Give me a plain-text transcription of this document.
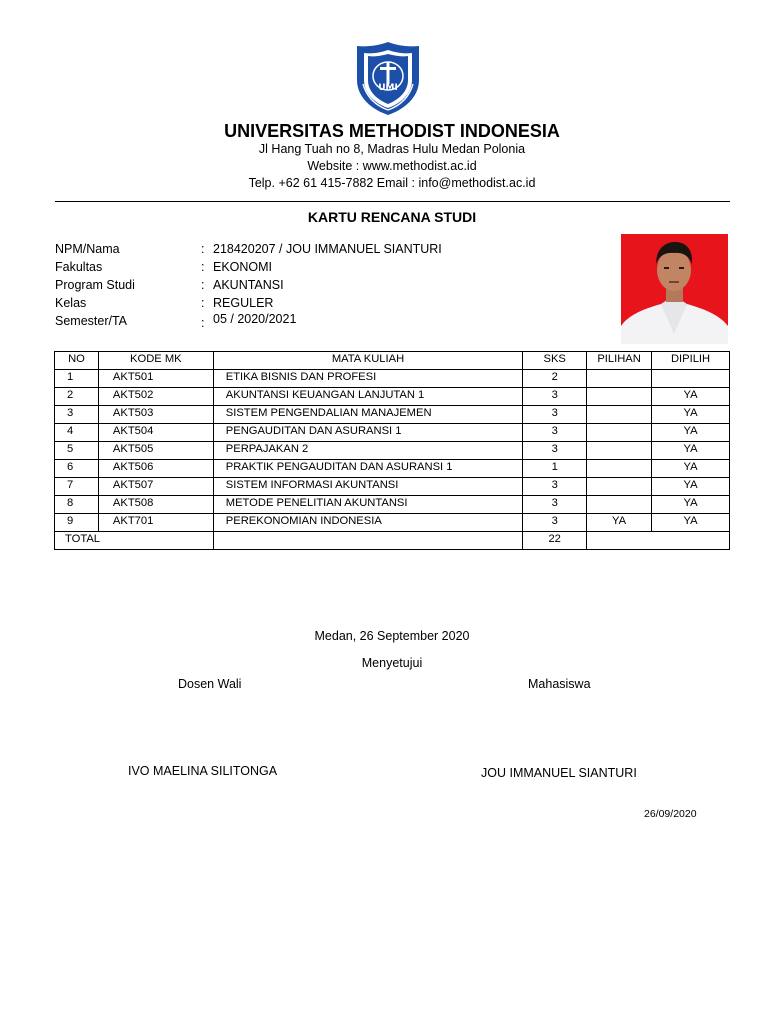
UMI
UNIVERSITAS METHODIST INDONESIA
Jl Hang Tuah no 8, Madras Hulu Medan Polonia
Website : www.methodist.ac.id
Telp. +62 61 415-7882 Email : info@methodist.ac.id
KARTU RENCANA STUDI
NPM/Nama	: 218420207 / JOU IMMANUEL SIANTURI
Fakultas	: EKONOMI
Program Studi	: AKUNTANSI
Kelas	: REGULER
Semester/TA	: 05 / 2020/2021
NO	KODE MK	MATA KULIAH	SKS	PILIHAN	DIPILIH
1	AKT501	ETIKA BISNIS DAN PROFESI	2		
2	AKT502	AKUNTANSI KEUANGAN LANJUTAN 1	3		YA
3	AKT503	SISTEM PENGENDALIAN MANAJEMEN	3		YA
4	AKT504	PENGAUDITAN DAN ASURANSI 1	3		YA
5	AKT505	PERPAJAKAN 2	3		YA
6	AKT506	PRAKTIK PENGAUDITAN DAN ASURANSI 1	1		YA
7	AKT507	SISTEM INFORMASI AKUNTANSI	3		YA
8	AKT508	METODE PENELITIAN AKUNTANSI	3		YA
9	AKT701	PEREKONOMIAN INDONESIA	3	YA	YA
TOTAL			22		
Medan, 26 September 2020
Menyetujui
Dosen Wali	Mahasiswa
IVO MAELINA SILITONGA	JOU IMMANUEL SIANTURI
26/09/2020
